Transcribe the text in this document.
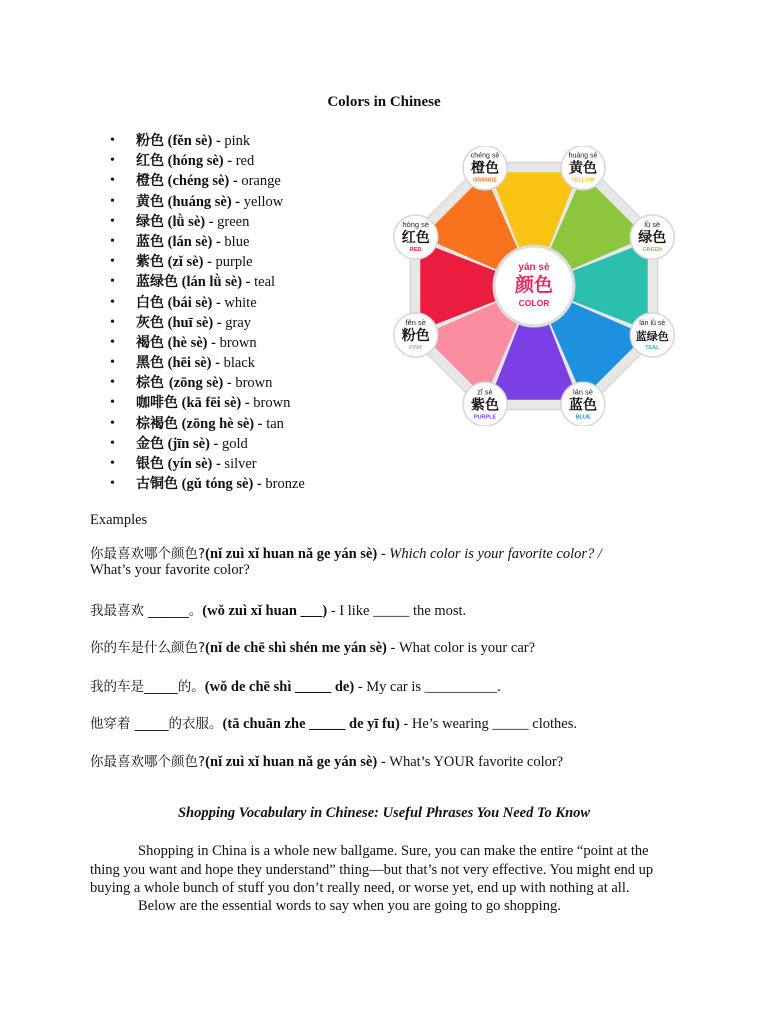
Colors in Chinese
• 粉色 (fěn sè) - pink
• 红色 (hóng sè) - red
• 橙色 (chéng sè) - orange
• 黄色 (huáng sè) - yellow
• 绿色 (lǜ sè) - green
• 蓝色 (lán sè) - blue
• 紫色 (zǐ sè) - purple
• 蓝绿色 (lán lǜ sè) - teal
• 白色 (bái sè) - white
• 灰色 (huī sè) - gray
• 褐色 (hè sè) - brown
• 黑色 (hēi sè) - black
• 棕色 (zōng sè) - brown
• 咖啡色 (kā fēi sè) - brown
• 棕褐色 (zōng hè sè) - tan
• 金色 (jīn sè) - gold
• 银色 (yín sè) - silver
• 古铜色 (gǔ tóng sè) - bronze
yán sè
颜色
COLOR
huáng sè
黄色
YELLOW
lǜ sè
绿色
GREEN
lán lǜ sè
蓝绿色
TEAL
lán sè
蓝色
BLUE
zǐ sè
紫色
PURPLE
fěn sè
粉色
PINK
hóng sè
红色
RED
chéng sè
橙色
ORANGE
Examples
你最喜欢哪个颜色?(nǐ zuì xǐ huan nǎ ge yán sè) - Which color is your favorite color? /
What’s your favorite color?
我最喜欢 ______。(wǒ zuì xǐ huan ___) - I like _____ the most.
你的车是什么颜色?(nǐ de chē shì shén me yán sè) - What color is your car?
我的车是_____的。(wǒ de chē shì _____ de) - My car is __________.
他穿着 _____的衣服。(tā chuān zhe _____ de yī fu) - He’s wearing _____ clothes.
你最喜欢哪个颜色?(nǐ zuì xǐ huan nǎ ge yán sè) - What’s YOUR favorite color?
Shopping Vocabulary in Chinese: Useful Phrases You Need To Know
Shopping in China is a whole new ballgame. Sure, you can make the entire “point at the
thing you want and hope they understand” thing—but that’s not very effective. You might end up
buying a whole bunch of stuff you don’t really need, or worse yet, end up with nothing at all.
Below are the essential words to say when you are going to go shopping.
